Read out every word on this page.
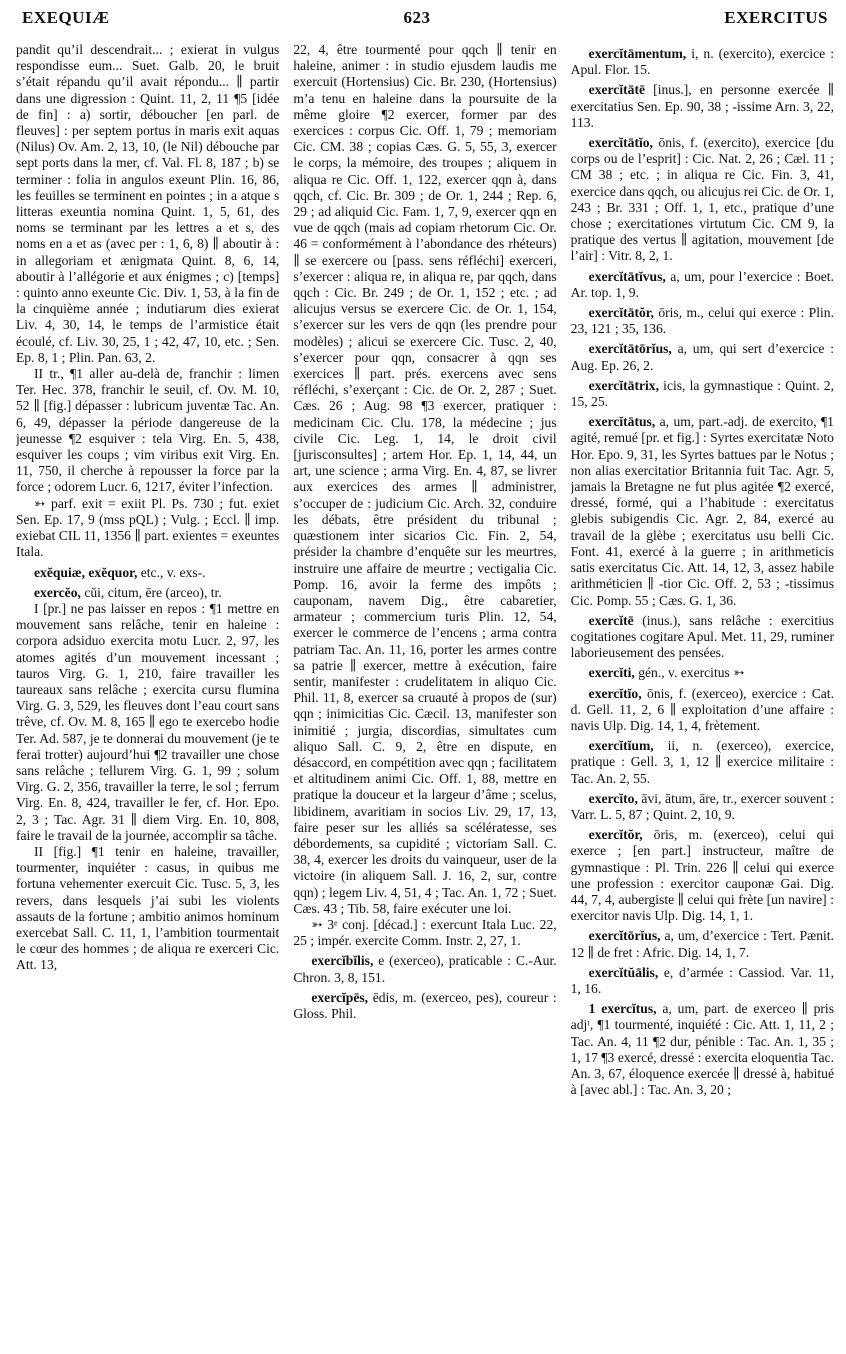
EXEQUIÆ	623	EXERCITUS

pandit qu’il descendrait... ; exierat in vulgus respondisse eum... Suet. Galb. 20, le bruit s’était répandu qu’il avait répondu... ∥ partir dans une digression : Quint. 11, 2, 11 ¶5 [idée de fin] : a) sortir, déboucher [en parl. de fleuves] : per septem portus in maris exit aquas (Nilus) Ov. Am. 2, 13, 10, (le Nil) débouche par sept ports dans la mer, cf. Val. Fl. 8, 187 ; b) se terminer : folia in angulos exeunt Plin. 16, 86, les feuilles se terminent en pointes ; in a atque s litteras exeuntia nomina Quint. 1, 5, 61, des noms se terminant par les lettres a et s, des noms en a et as (avec per : 1, 6, 8) ∥ aboutir à : in allegoriam et ænigmata Quint. 8, 6, 14, aboutir à l’allégorie et aux énigmes ; c) [temps] : quinto anno exeunte Cic. Div. 1, 53, à la fin de la cinquième année ; indutiarum dies exierat Liv. 4, 30, 14, le temps de l’armistice était écoulé, cf. Liv. 30, 25, 1 ; 42, 47, 10, etc. ; Sen. Ep. 8, 1 ; Plin. Pan. 63, 2.

II tr., ¶1 aller au-delà de, franchir : limen Ter. Hec. 378, franchir le seuil, cf. Ov. M. 10, 52 ∥ [fig.] dépasser : lubricum juventæ Tac. An. 6, 49, dépasser la période dangereuse de la jeunesse ¶2 esquiver : tela Virg. En. 5, 438, esquiver les coups ; vim viribus exit Virg. En. 11, 750, il cherche à repousser la force par la force ; odorem Lucr. 6, 1217, éviter l’infection.

➳ parf. exit = exiit Pl. Ps. 730 ; fut. exiet Sen. Ep. 17, 9 (mss pQL) ; Vulg. ; Eccl. ∥ imp. exiebat CIL 11, 1356 ∥ part. exientes = exeuntes Itala.

exĕquiæ, exĕquor, etc., v. exs-.

exercĕo, cŭi, citum, ēre (arceo), tr.

I [pr.] ne pas laisser en repos : ¶1 mettre en mouvement sans relâche, tenir en haleine : corpora adsiduo exercita motu Lucr. 2, 97, les atomes agités d’un mouvement incessant ; tauros Virg. G. 1, 210, faire travailler les taureaux sans relâche ; exercita cursu flumina Virg. G. 3, 529, les fleuves dont l’eau court sans trêve, cf. Ov. M. 8, 165 ∥ ego te exercebo hodie Ter. Ad. 587, je te donnerai du mouvement (je te ferai trotter) aujourd’hui ¶2 travailler une chose sans relâche ; tellurem Virg. G. 1, 99 ; solum Virg. G. 2, 356, travailler la terre, le sol ; ferrum Virg. En. 8, 424, travailler le fer, cf. Hor. Epo. 2, 3 ; Tac. Agr. 31 ∥ diem Virg. En. 10, 808, faire le travail de la journée, accomplir sa tâche.

II [fig.] ¶1 tenir en haleine, travailler, tourmenter, inquiéter : casus, in quibus me fortuna vehementer exercuit Cic. Tusc. 5, 3, les revers, dans lesquels j’ai subi les violents assauts de la fortune ; ambitio animos hominum exercebat Sall. C. 11, 1, l’ambition tourmentait le cœur des hommes ; de aliqua re exerceri Cic. Att. 13,

22, 4, être tourmenté pour qqch ∥ tenir en haleine, animer : in studio ejusdem laudis me exercuit (Hortensius) Cic. Br. 230, (Hortensius) m’a tenu en haleine dans la poursuite de la même gloire ¶2 exercer, former par des exercices : corpus Cic. Off. 1, 79 ; memoriam Cic. CM. 38 ; copias Cæs. G. 5, 55, 3, exercer le corps, la mémoire, des troupes ; aliquem in aliqua re Cic. Off. 1, 122, exercer qqn à, dans qqch, cf. Cic. Br. 309 ; de Or. 1, 244 ; Rep. 6, 29 ; ad aliquid Cic. Fam. 1, 7, 9, exercer qqn en vue de qqch (mais ad copiam rhetorum Cic. Or. 46 = conformément à l’abondance des rhéteurs) ∥ se exercere ou [pass. sens réfléchi] exerceri, s’exercer : aliqua re, in aliqua re, par qqch, dans qqch : Cic. Br. 249 ; de Or. 1, 152 ; etc. ; ad alicujus versus se exercere Cic. de Or. 1, 154, s’exercer sur les vers de qqn (les prendre pour modèles) ; alicui se exercere Cic. Tusc. 2, 40, s’exercer pour qqn, consacrer à qqn ses exercices ∥ part. prés. exercens avec sens réfléchi, s’exerçant : Cic. de Or. 2, 287 ; Suet. Cæs. 26 ; Aug. 98 ¶3 exercer, pratiquer : medicinam Cic. Clu. 178, la médecine ; jus civile Cic. Leg. 1, 14, le droit civil [jurisconsultes] ; artem Hor. Ep. 1, 14, 44, un art, une science ; arma Virg. En. 4, 87, se livrer aux exercices des armes ∥ administrer, s’occuper de : judicium Cic. Arch. 32, conduire les débats, être président du tribunal ; quæstionem inter sicarios Cic. Fin. 2, 54, présider la chambre d’enquête sur les meurtres, instruire une affaire de meurtre ; vectigalia Cic. Pomp. 16, avoir la ferme des impôts ; cauponam, navem Dig., être cabaretier, armateur ; commercium turis Plin. 12, 54, exercer le commerce de l’encens ; arma contra patriam Tac. An. 11, 16, porter les armes contre sa patrie ∥ exercer, mettre à exécution, faire sentir, manifester : crudelitatem in aliquo Cic. Phil. 11, 8, exercer sa cruauté à propos de (sur) qqn ; inimicitias Cic. Cæcil. 13, manifester son inimitié ; jurgia, discordias, simultates cum aliquo Sall. C. 9, 2, être en dispute, en désaccord, en compétition avec qqn ; facilitatem et altitudinem animi Cic. Off. 1, 88, mettre en pratique la douceur et la largeur d’âme ; scelus, libidinem, avaritiam in socios Liv. 29, 17, 13, faire peser sur les alliés sa scélératesse, ses débordements, sa cupidité ; victoriam Sall. C. 38, 4, exercer les droits du vainqueur, user de la victoire (in aliquem Sall. J. 16, 2, sur, contre qqn) ; legem Liv. 4, 51, 4 ; Tac. An. 1, 72 ; Suet. Cæs. 43 ; Tib. 58, faire exécuter une loi.

➳ 3ᵉ conj. [décad.] : exercunt Itala Luc. 22, 25 ; impér. exercite Comm. Instr. 2, 27, 1.

exercĭbĭlis, e (exerceo), praticable : C.-Aur. Chron. 3, 8, 151.

exercĭpēs, ēdis, m. (exerceo, pes), coureur : Gloss. Phil.

exercĭtāmentum, i, n. (exercito), exercice : Apul. Flor. 15.

exercĭtātē [inus.], en personne exercée ∥ exercitatius Sen. Ep. 90, 38 ; -issime Arn. 3, 22, 113.

exercĭtātĭo, ōnis, f. (exercito), exercice [du corps ou de l’esprit] : Cic. Nat. 2, 26 ; Cæl. 11 ; CM 38 ; etc. ; in aliqua re Cic. Fin. 3, 41, exercice dans qqch, ou alicujus rei Cic. de Or. 1, 243 ; Br. 331 ; Off. 1, 1, etc., pratique d’une chose ; exercitationes virtutum Cic. CM 9, la pratique des vertus ∥ agitation, mouvement [de l’air] : Vitr. 8, 2, 1.

exercĭtātĭvus, a, um, pour l’exercice : Boet. Ar. top. 1, 9.

exercĭtātŏr, ōris, m., celui qui exerce : Plin. 23, 121 ; 35, 136.

exercĭtātōrĭus, a, um, qui sert d’exercice : Aug. Ep. 26, 2.

exercĭtātrix, icis, la gymnastique : Quint. 2, 15, 25.

exercĭtātus, a, um, part.-adj. de exercito, ¶1 agité, remué [pr. et fig.] : Syrtes exercitatæ Noto Hor. Epo. 9, 31, les Syrtes battues par le Notus ; non alias exercitatior Britannia fuit Tac. Agr. 5, jamais la Bretagne ne fut plus agitée ¶2 exercé, dressé, formé, qui a l’habitude : exercitatus glebis subigendis Cic. Agr. 2, 84, exercé au travail de la glèbe ; exercitatus usu belli Cic. Font. 41, exercé à la guerre ; in arithmeticis satis exercitatus Cic. Att. 14, 12, 3, assez habile arithméticien ∥ -tior Cic. Off. 2, 53 ; -tissimus Cic. Pomp. 55 ; Cæs. G. 1, 36.

exercĭtē (inus.), sans relâche : exercitius cogitationes cogitare Apul. Met. 11, 29, ruminer laborieusement des pensées.

exercĭti, gén., v. exercitus ➳

exercĭtĭo, ōnis, f. (exerceo), exercice : Cat. d. Gell. 11, 2, 6 ∥ exploitation d’une affaire : navis Ulp. Dig. 14, 1, 4, frètement.

exercĭtĭum, ii, n. (exerceo), exercice, pratique : Gell. 3, 1, 12 ∥ exercice militaire : Tac. An. 2, 55.

exercĭto, āvi, ātum, āre, tr., exercer souvent : Varr. L. 5, 87 ; Quint. 2, 10, 9.

exercĭtŏr, ōris, m. (exerceo), celui qui exerce ; [en part.] instructeur, maître de gymnastique : Pl. Trin. 226 ∥ celui qui exerce une profession : exercitor cauponæ Gai. Dig. 44, 7, 4, aubergiste ∥ celui qui frète [un navire] : exercitor navis Ulp. Dig. 14, 1, 1.

exercĭtōrĭus, a, um, d’exercice : Tert. Pænit. 12 ∥ de fret : Afric. Dig. 14, 1, 7.

exercĭtŭālis, e, d’armée : Cassiod. Var. 11, 1, 16.

1 exercĭtus, a, um, part. de exerceo ∥ pris adjᵗ, ¶1 tourmenté, inquiété : Cic. Att. 1, 11, 2 ; Tac. An. 4, 11 ¶2 dur, pénible : Tac. An. 1, 35 ; 1, 17 ¶3 exercé, dressé : exercita eloquentia Tac. An. 3, 67, éloquence exercée ∥ dressé à, habitué à [avec abl.] : Tac. An. 3, 20 ;
